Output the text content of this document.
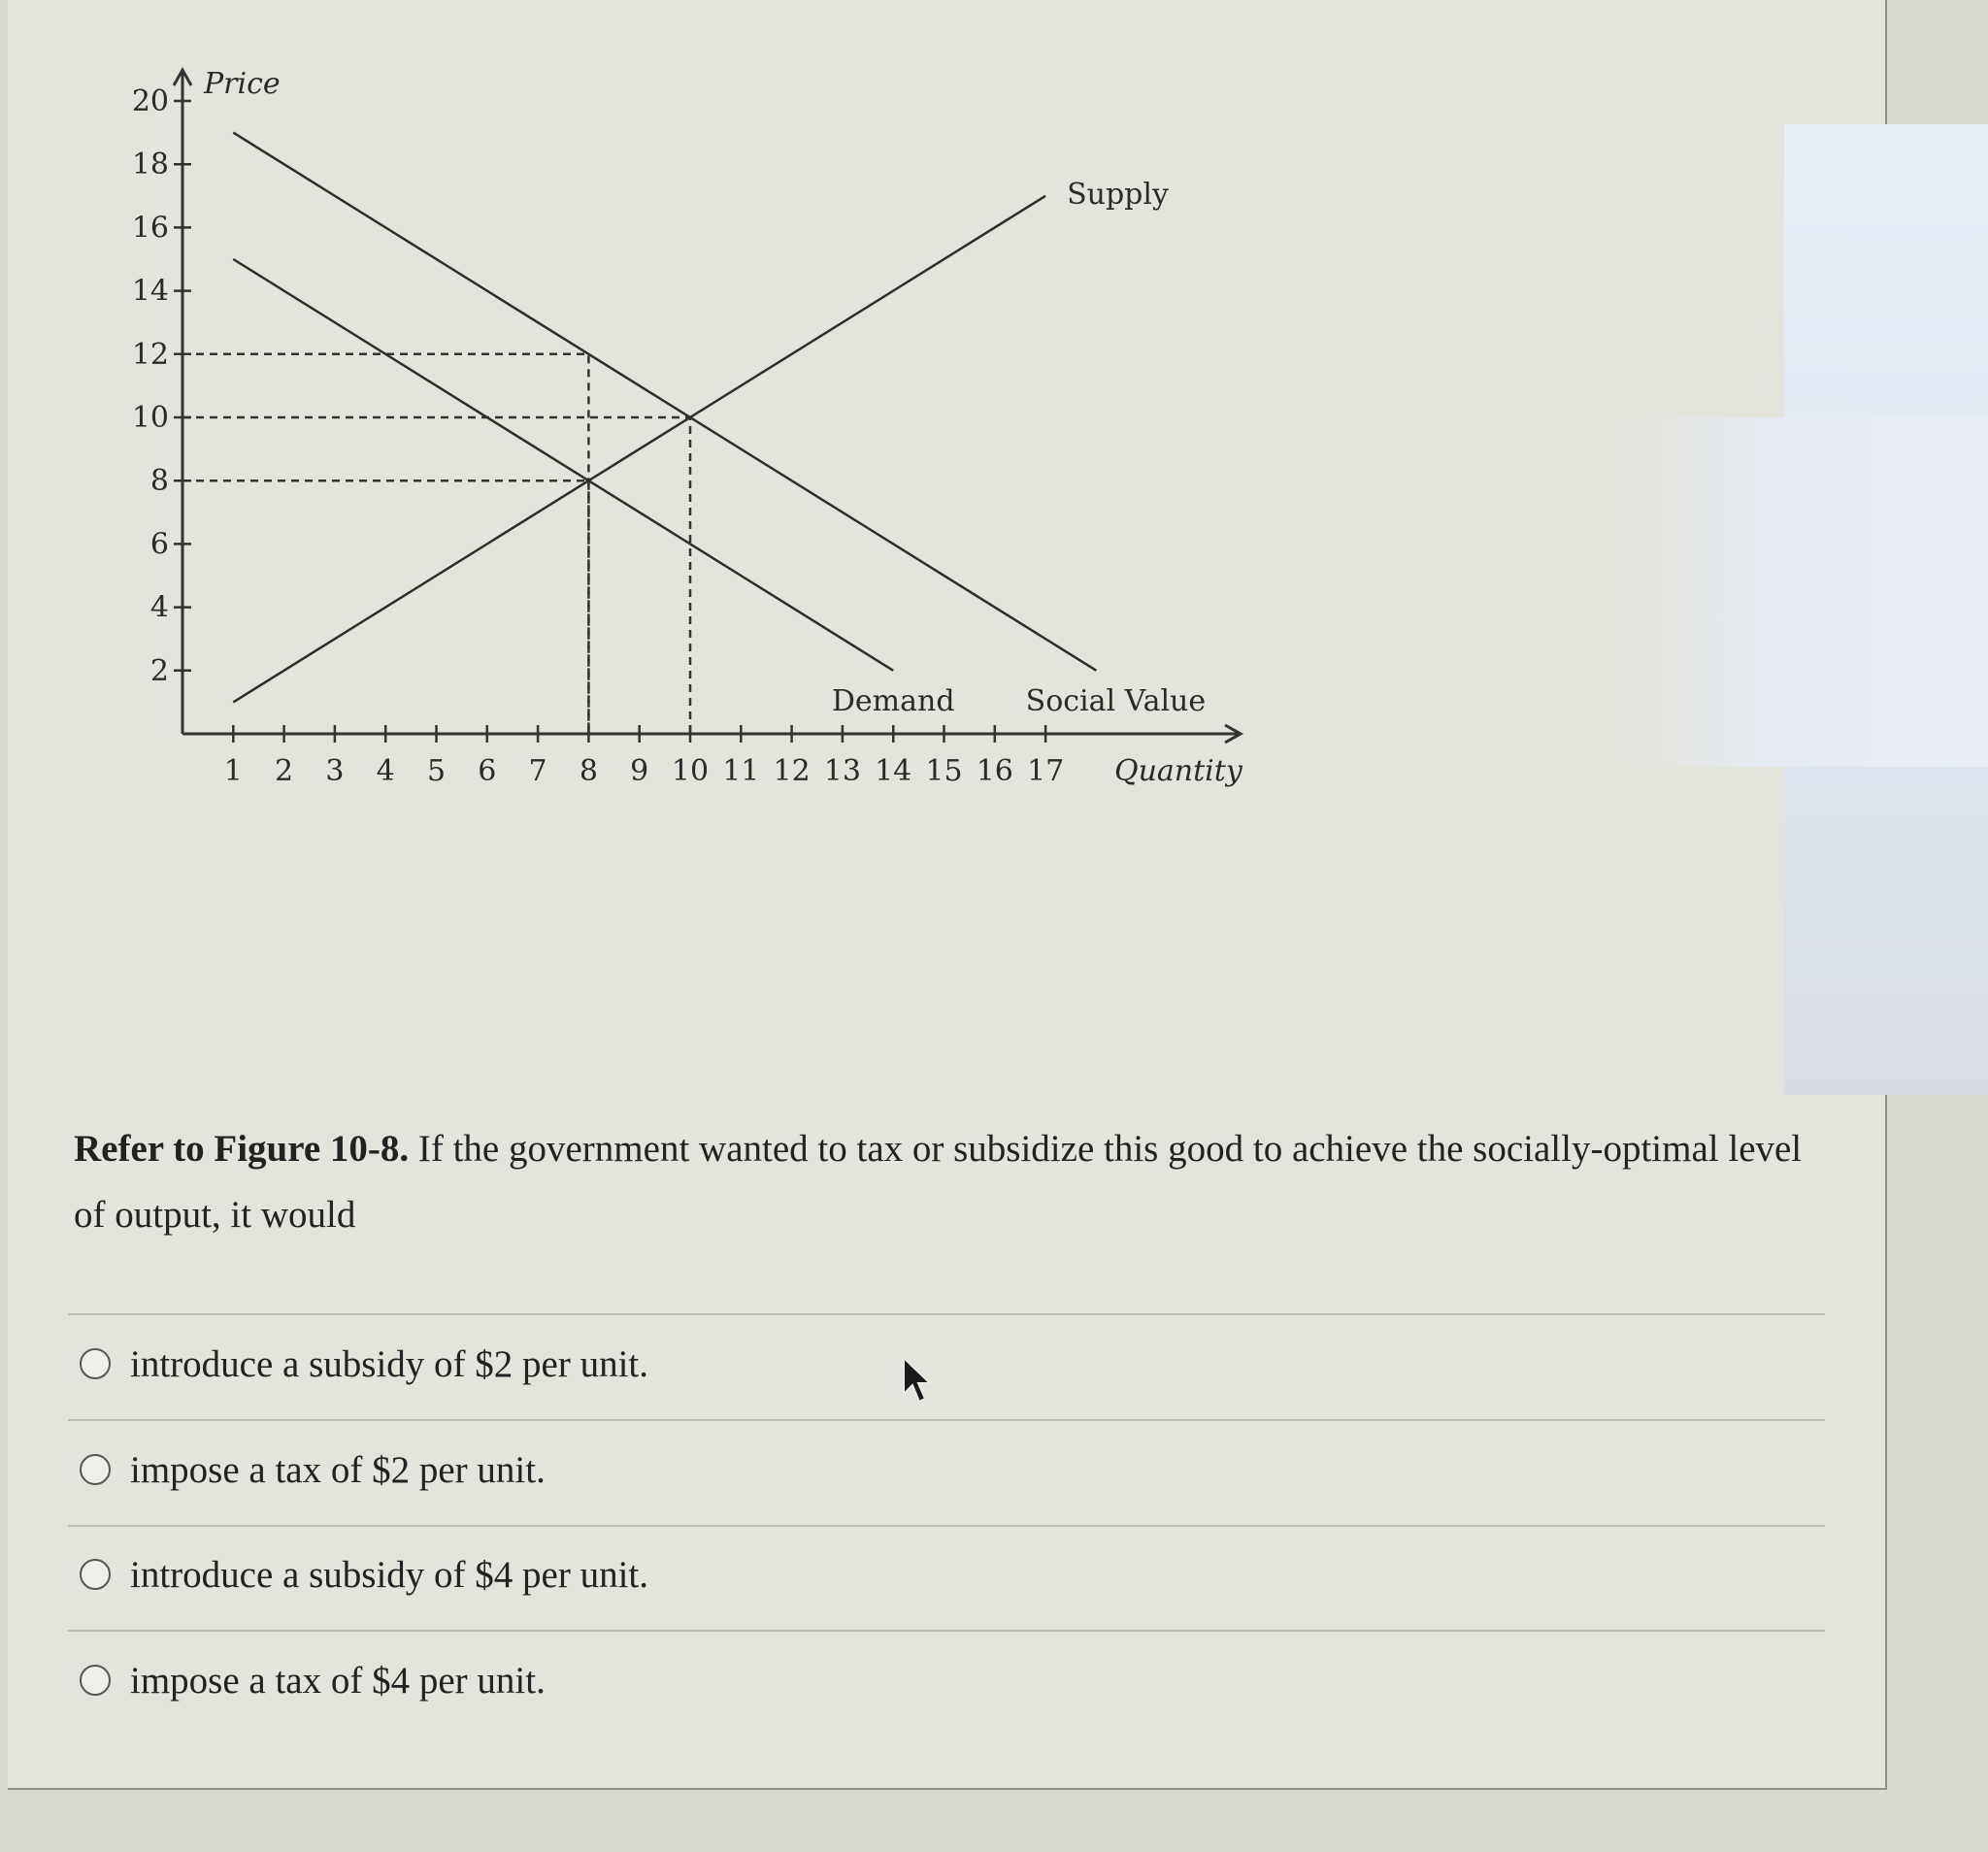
2
4
6
8
10
12
14
16
18
20
1 2 3 4 5 6 7 8 9 10 11 12 13 14 15 16 17
Price
Quantity
Supply
Demand Social Value
Refer to Figure 10-8. If the government wanted to tax or subsidize this good to achieve the socially-optimal level of output, it would
introduce a subsidy of $2 per unit.
impose a tax of $2 per unit.
introduce a subsidy of $4 per unit.
impose a tax of $4 per unit.
